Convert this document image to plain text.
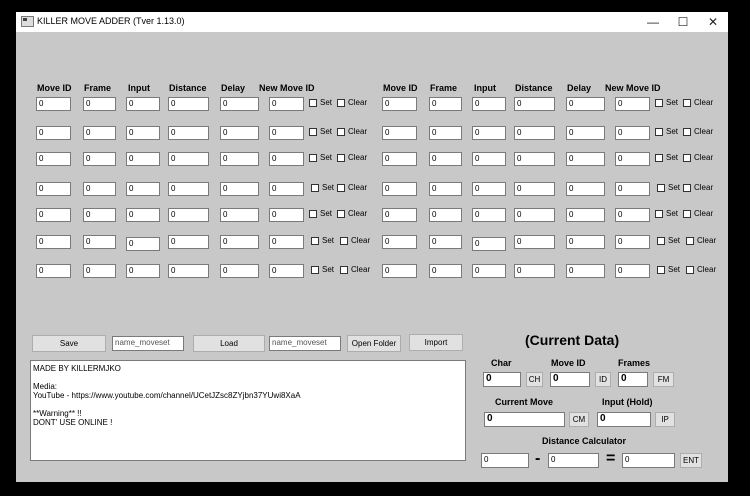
KILLER MOVE ADDER (Tver 1.13.0)	—	☐	✕
Save	name_moveset	Load	name_moveset	Open Folder	Import
MADE BY KILLERMJKO

Media:
YouTube - https://www.youtube.com/channel/UCetJZsc8ZYjbn37YUwi8XaA

**Warning** !!
DONT' USE ONLINE !
(Current Data)
Char
0	CH
Move ID
0	ID
Frames
0	FM
Current Move
0	CM
Input (Hold)
0	IP
Distance Calculator
0	-	0	=	0	ENT
Move ID Frame Input Distance Delay New Move ID
0	0	0	0	0	0	Set Clear
0	0	0	0	0	0	Set Clear
0	0	0	0	0	0	Set Clear
0	0	0	0	0	0	Set Clear
0	0	0	0	0	0	Set Clear
0	0	0	0	0	0	Set Clear
0	0	0	0	0	0	Set Clear
Move ID Frame Input Distance Delay New Move ID
0	0	0	0	0	0	Set Clear
0	0	0	0	0	0	Set Clear
0	0	0	0	0	0	Set Clear
0	0	0	0	0	0	Set Clear
0	0	0	0	0	0	Set Clear
0	0	0	0	0	0	Set Clear
0	0	0	0	0	0	Set Clear
